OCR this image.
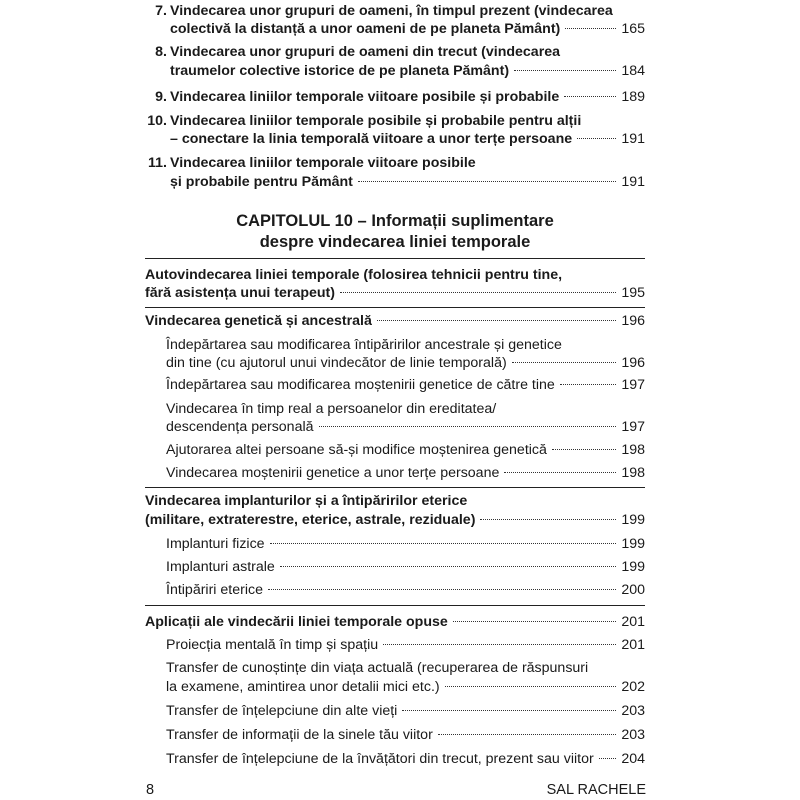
7. Vindecarea unor grupuri de oameni, în timpul prezent (vindecarea
colectivă la distanță a unor oameni de pe planeta Pământ)	165
8. Vindecarea unor grupuri de oameni din trecut (vindecarea
traumelor colective istorice de pe planeta Pământ)	184
9. Vindecarea liniilor temporale viitoare posibile și probabile	189
10. Vindecarea liniilor temporale posibile și probabile pentru alții
– conectare la linia temporală viitoare a unor terțe persoane	191
11. Vindecarea liniilor temporale viitoare posibile
și probabile pentru Pământ	191
CAPITOLUL 10 – Informații suplimentare
despre vindecarea liniei temporale
Autovindecarea liniei temporale (folosirea tehnicii pentru tine,
fără asistența unui terapeut)	195
Vindecarea genetică și ancestrală	196
Îndepărtarea sau modificarea întipăririlor ancestrale și genetice
din tine (cu ajutorul unui vindecător de linie temporală)	196
Îndepărtarea sau modificarea moștenirii genetice de către tine	197
Vindecarea în timp real a persoanelor din ereditatea/
descendența personală	197
Ajutorarea altei persoane să-și modifice moștenirea genetică	198
Vindecarea moștenirii genetice a unor terțe persoane	198
Vindecarea implanturilor și a întipăririlor eterice
(militare, extraterestre, eterice, astrale, reziduale)	199
Implanturi fizice	199
Implanturi astrale	199
Întipăriri eterice	200
Aplicații ale vindecării liniei temporale opuse	201
Proiecția mentală în timp și spațiu	201
Transfer de cunoștințe din viața actuală (recuperarea de răspunsuri
la examene, amintirea unor detalii mici etc.)	202
Transfer de înțelepciune din alte vieți	203
Transfer de informații de la sinele tău viitor	203
Transfer de înțelepciune de la învățători din trecut, prezent sau viitor 204
8	SAL RACHELE
